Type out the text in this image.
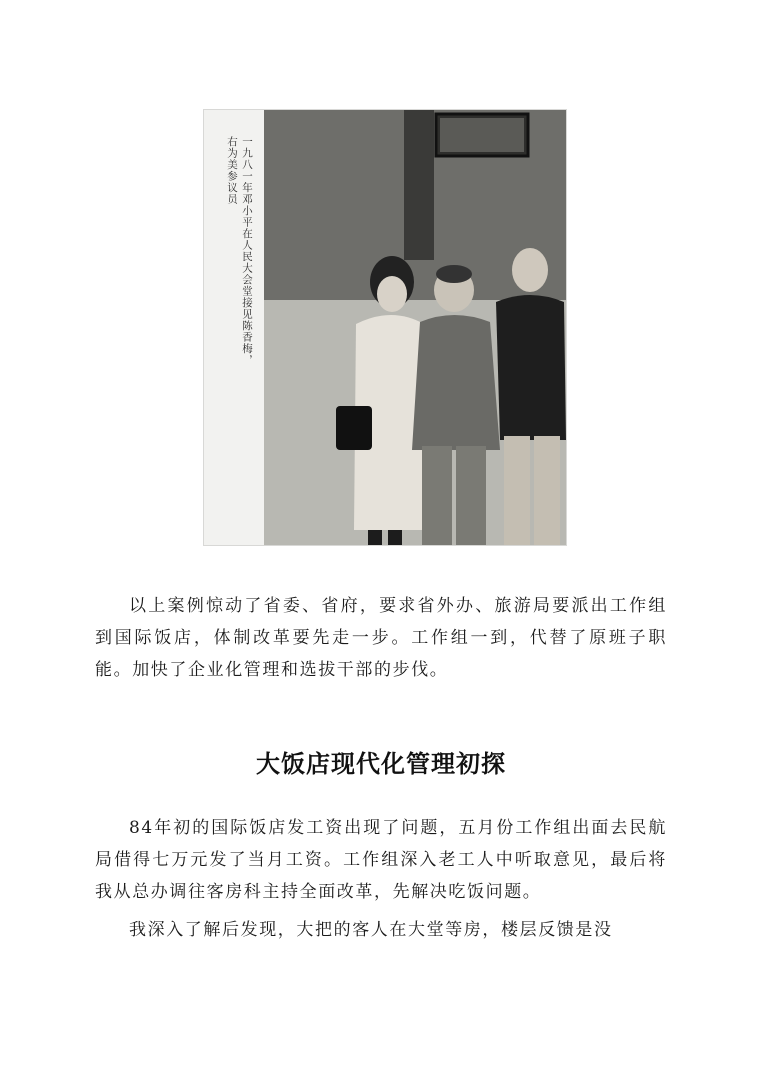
一九八一年邓小平在人民大会堂接见陈香梅，
右为美参议员

以上案例惊动了省委、省府，要求省外办、旅游局要派出工作组到国际饭店，体制改革要先走一步。工作组一到，代替了原班子职能。加快了企业化管理和选拔干部的步伐。

大饭店现代化管理初探

84年初的国际饭店发工资出现了问题，五月份工作组出面去民航局借得七万元发了当月工资。工作组深入老工人中听取意见，最后将我从总办调往客房科主持全面改革，先解决吃饭问题。

我深入了解后发现，大把的客人在大堂等房，楼层反馈是没
